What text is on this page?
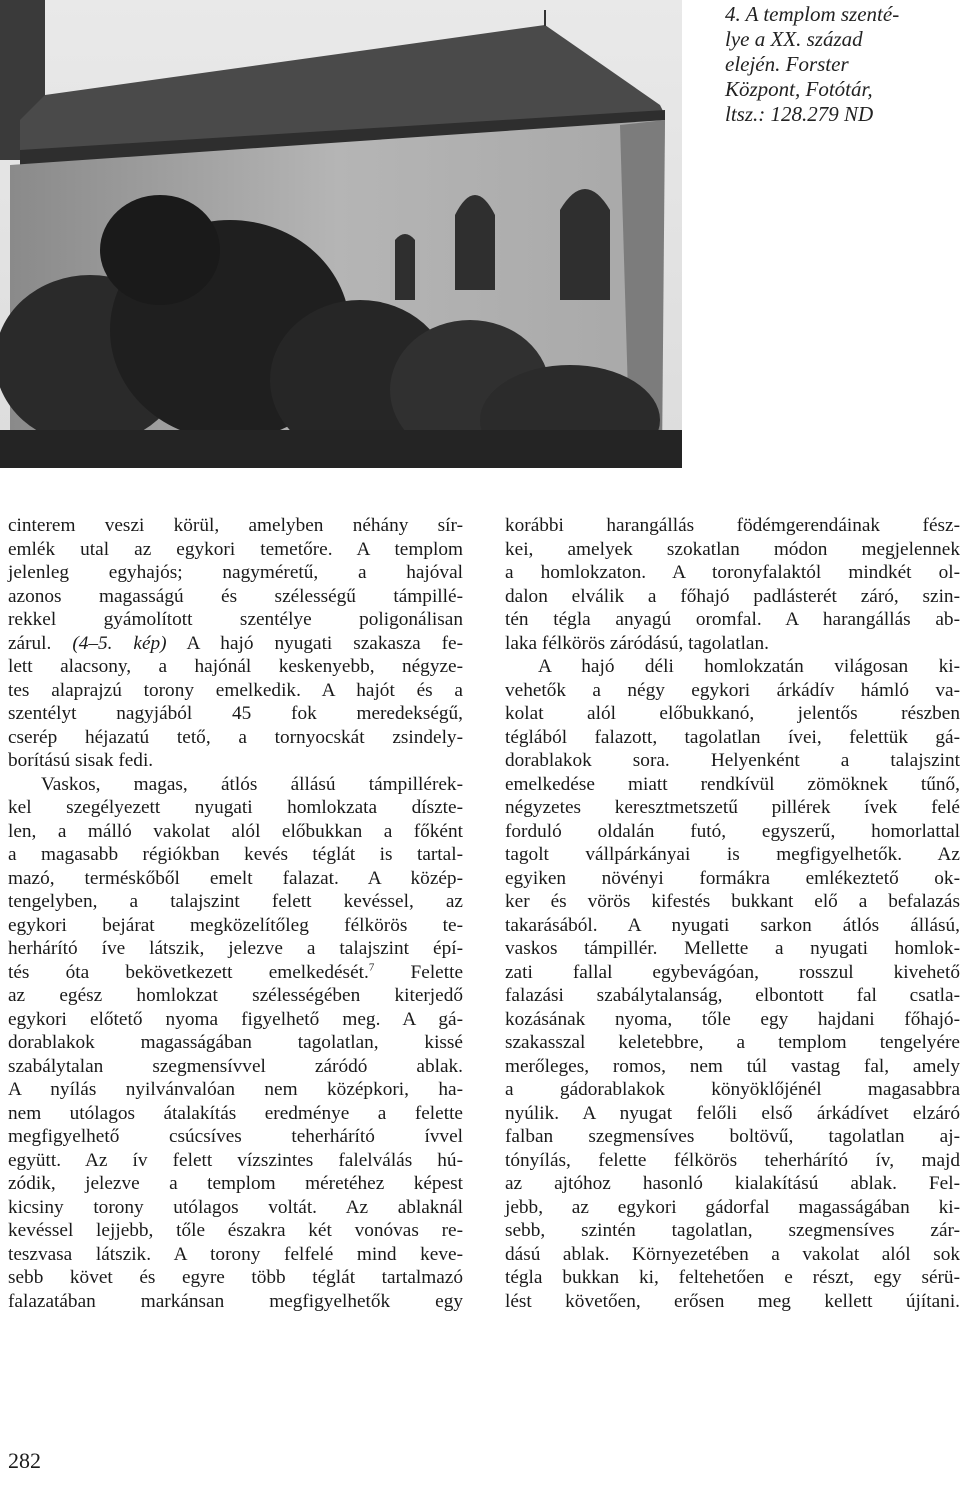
4. A templom szenté-
lye a XX. század
elején. Forster
Központ, Fotótár,
ltsz.: 128.279 ND
cinterem veszi körül, amelyben néhány sír-
emlék utal az egykori temetőre. A templom
jelenleg egyhajós; nagyméretű, a hajóval
azonos magasságú és szélességű támpillé-
rekkel gyámolított szentélye poligonálisan
zárul. (4–5. kép) A hajó nyugati szakasza fe-
lett alacsony, a hajónál keskenyebb, négyze-
tes alaprajzú torony emelkedik. A hajót és a
szentélyt nagyjából 45 fok meredekségű,
cserép héjazatú tető, a tornyocskát zsindely-
borítású sisak fedi.
Vaskos, magas, átlós állású támpillérek-
kel szegélyezett nyugati homlokzata díszte-
len, a málló vakolat alól előbukkan a főként
a magasabb régiókban kevés téglát is tartal-
mazó, terméskőből emelt falazat. A közép-
tengelyben, a talajszint felett kevéssel, az
egykori bejárat megközelítőleg félkörös te-
herhárító íve látszik, jelezve a talajszint épí-
tés óta bekövetkezett emelkedését.$^7$ Felette
az egész homlokzat szélességében kiterjedő
egykori előtető nyoma figyelhető meg. A gá-
dorablakok magasságában tagolatlan, kissé
szabálytalan szegmensívvel záródó ablak.
A nyílás nyilvánvalóan nem középkori, ha-
nem utólagos átalakítás eredménye a felette
megfigyelhető csúcsíves teherhárító ívvel
együtt. Az ív felett vízszintes falelválás hú-
zódik, jelezve a templom méretéhez képest
kicsiny torony utólagos voltát. Az ablaknál
kevéssel lejjebb, tőle északra két vonóvas re-
teszvasa látszik. A torony felfelé mind keve-
sebb követ és egyre több téglát tartalmazó
falazatában markánsan megfigyelhetők egy
korábbi harangállás födémgerendáinak fész-
kei, amelyek szokatlan módon megjelennek
a homlokzaton. A toronyfalaktól mindkét ol-
dalon elválik a főhajó padlásterét záró, szin-
tén tégla anyagú oromfal. A harangállás ab-
laka félkörös záródású, tagolatlan.
A hajó déli homlokzatán világosan ki-
vehetők a négy egykori árkádív hámló va-
kolat alól előbukkanó, jelentős részben
téglából falazott, tagolatlan ívei, felettük gá-
dorablakok sora. Helyenként a talajszint
emelkedése miatt rendkívül zömöknek tűnő,
négyzetes keresztmetszetű pillérek ívek felé
forduló oldalán futó, egyszerű, homorlattal
tagolt vállpárkányai is megfigyelhetők. Az
egyiken növényi formákra emlékeztető ok-
ker és vörös kifestés bukkant elő a befalazás
takarásából. A nyugati sarkon átlós állású,
vaskos támpillér. Mellette a nyugati homlok-
zati fallal egybevágóan, rosszul kivehető
falazási szabálytalanság, elbontott fal csatla-
kozásának nyoma, tőle egy hajdani főhajó-
szakasszal keletebbre, a templom tengelyére
merőleges, romos, nem túl vastag fal, amely
a gádorablakok könyöklőjénél magasabbra
nyúlik. A nyugat felőli első árkádívet elzáró
falban szegmensíves boltövű, tagolatlan aj-
tónyílás, felette félkörös teherhárító ív, majd
az ajtóhoz hasonló kialakítású ablak. Fel-
jebb, az egykori gádorfal magasságában ki-
sebb, szintén tagolatlan, szegmensíves zár-
dású ablak. Környezetében a vakolat alól sok
tégla bukkan ki, feltehetően e részt, egy sérü-
lést követően, erősen meg kellett újítani.
282
